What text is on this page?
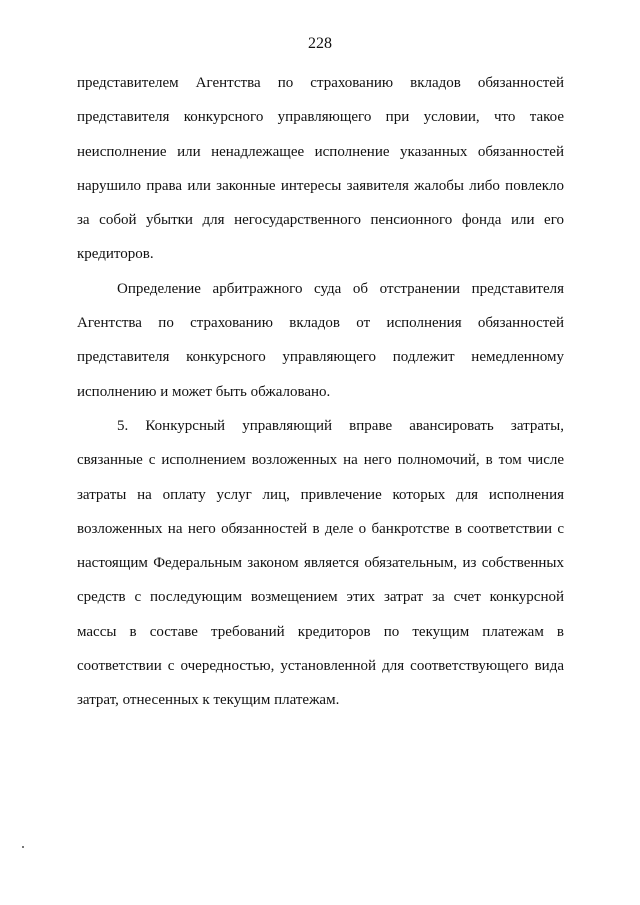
228

представителем Агентства по страхованию вкладов обязанностей представителя конкурсного управляющего при условии, что такое неисполнение или ненадлежащее исполнение указанных обязанностей нарушило права или законные интересы заявителя жалобы либо повлекло за собой убытки для негосударственного пенсионного фонда или его кредиторов.

Определение арбитражного суда об отстранении представителя Агентства по страхованию вкладов от исполнения обязанностей представителя конкурсного управляющего подлежит немедленному исполнению и может быть обжаловано.

5. Конкурсный управляющий вправе авансировать затраты, связанные с исполнением возложенных на него полномочий, в том числе затраты на оплату услуг лиц, привлечение которых для исполнения возложенных на него обязанностей в деле о банкротстве в соответствии с настоящим Федеральным законом является обязательным, из собственных средств с последующим возмещением этих затрат за счет конкурсной массы в составе требований кредиторов по текущим платежам в соответствии с очередностью, установленной для соответствующего вида затрат, отнесенных к текущим платежам.
